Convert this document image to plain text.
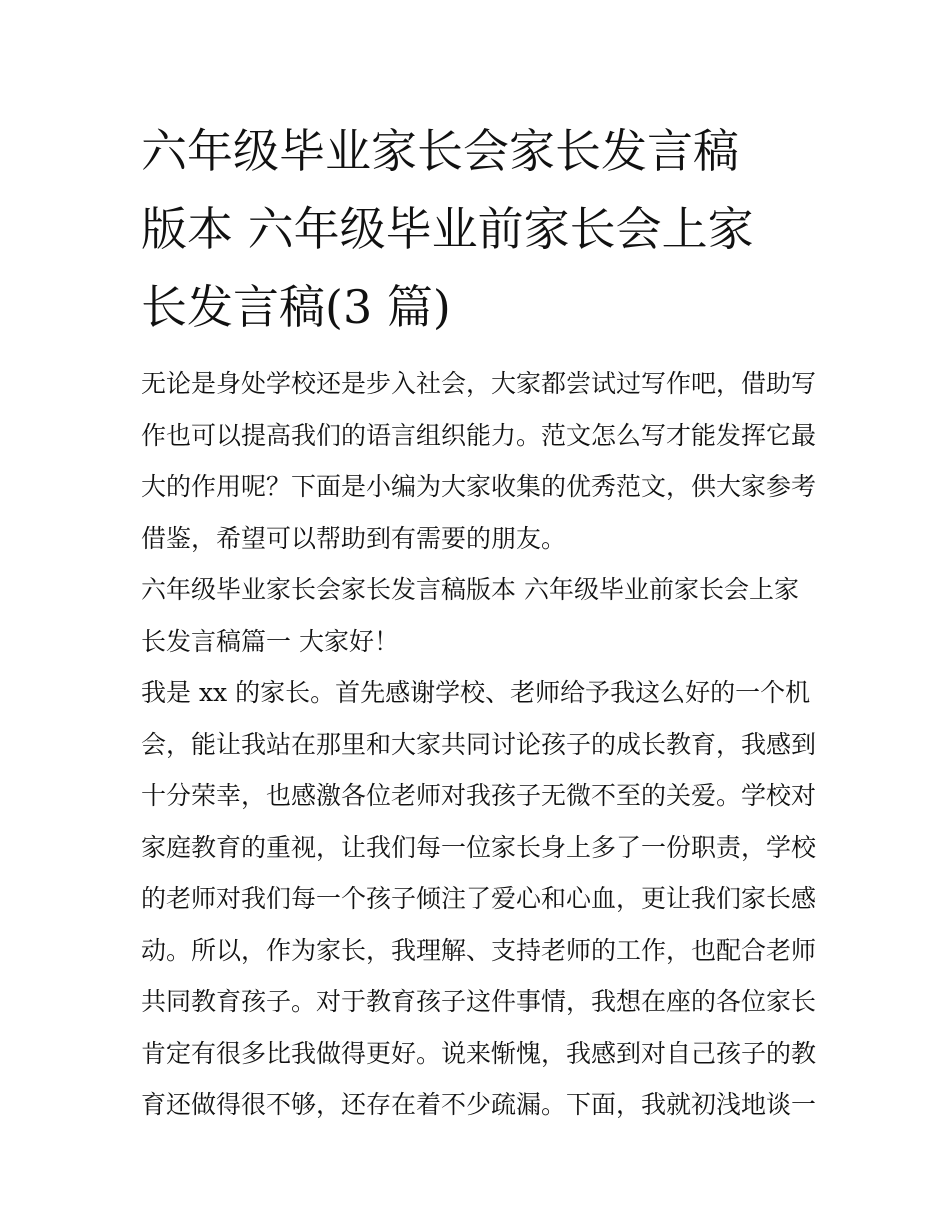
六年级毕业家长会家长发言稿
版本 六年级毕业前家长会上家
长发言稿(3 篇)
无论是身处学校还是步入社会，大家都尝试过写作吧，借助写
作也可以提高我们的语言组织能力。范文怎么写才能发挥它最
大的作用呢？下面是小编为大家收集的优秀范文，供大家参考
借鉴，希望可以帮助到有需要的朋友。
六年级毕业家长会家长发言稿版本 六年级毕业前家长会上家
长发言稿篇一 大家好！
我是 xx 的家长。首先感谢学校、老师给予我这么好的一个机
会，能让我站在那里和大家共同讨论孩子的成长教育，我感到
十分荣幸，也感激各位老师对我孩子无微不至的关爱。学校对
家庭教育的重视，让我们每一位家长身上多了一份职责，学校
的老师对我们每一个孩子倾注了爱心和心血，更让我们家长感
动。所以，作为家长，我理解、支持老师的工作，也配合老师
共同教育孩子。对于教育孩子这件事情，我想在座的各位家长
肯定有很多比我做得更好。说来惭愧，我感到对自己孩子的教
育还做得很不够，还存在着不少疏漏。下面，我就初浅地谈一
